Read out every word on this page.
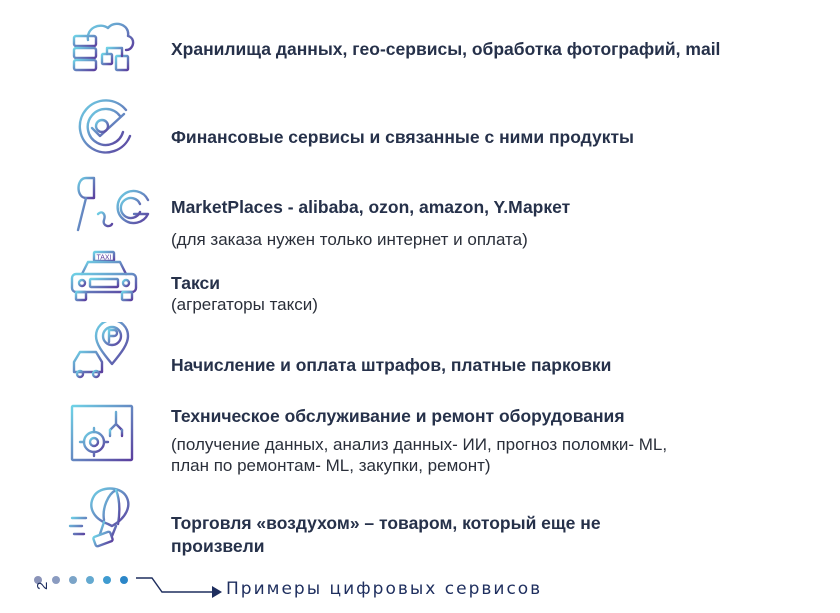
Хранилища данных, гео-сервисы, обработка фотографий, mail
Финансовые сервисы и связанные с ними продукты
MarketPlaces - alibaba, ozon, amazon, Y.Маркет
(для заказа нужен только интернет и оплата)
TAXI
Такси
(агрегаторы такси)
Начисление и оплата штрафов, платные парковки
Техническое обслуживание и ремонт оборудования
(получение данных, анализ данных- ИИ, прогноз поломки- ML, план по ремонтам- ML, закупки, ремонт)
Торговля «воздухом» – товаром, который еще не произвели
Примеры цифровых сервисов
2
